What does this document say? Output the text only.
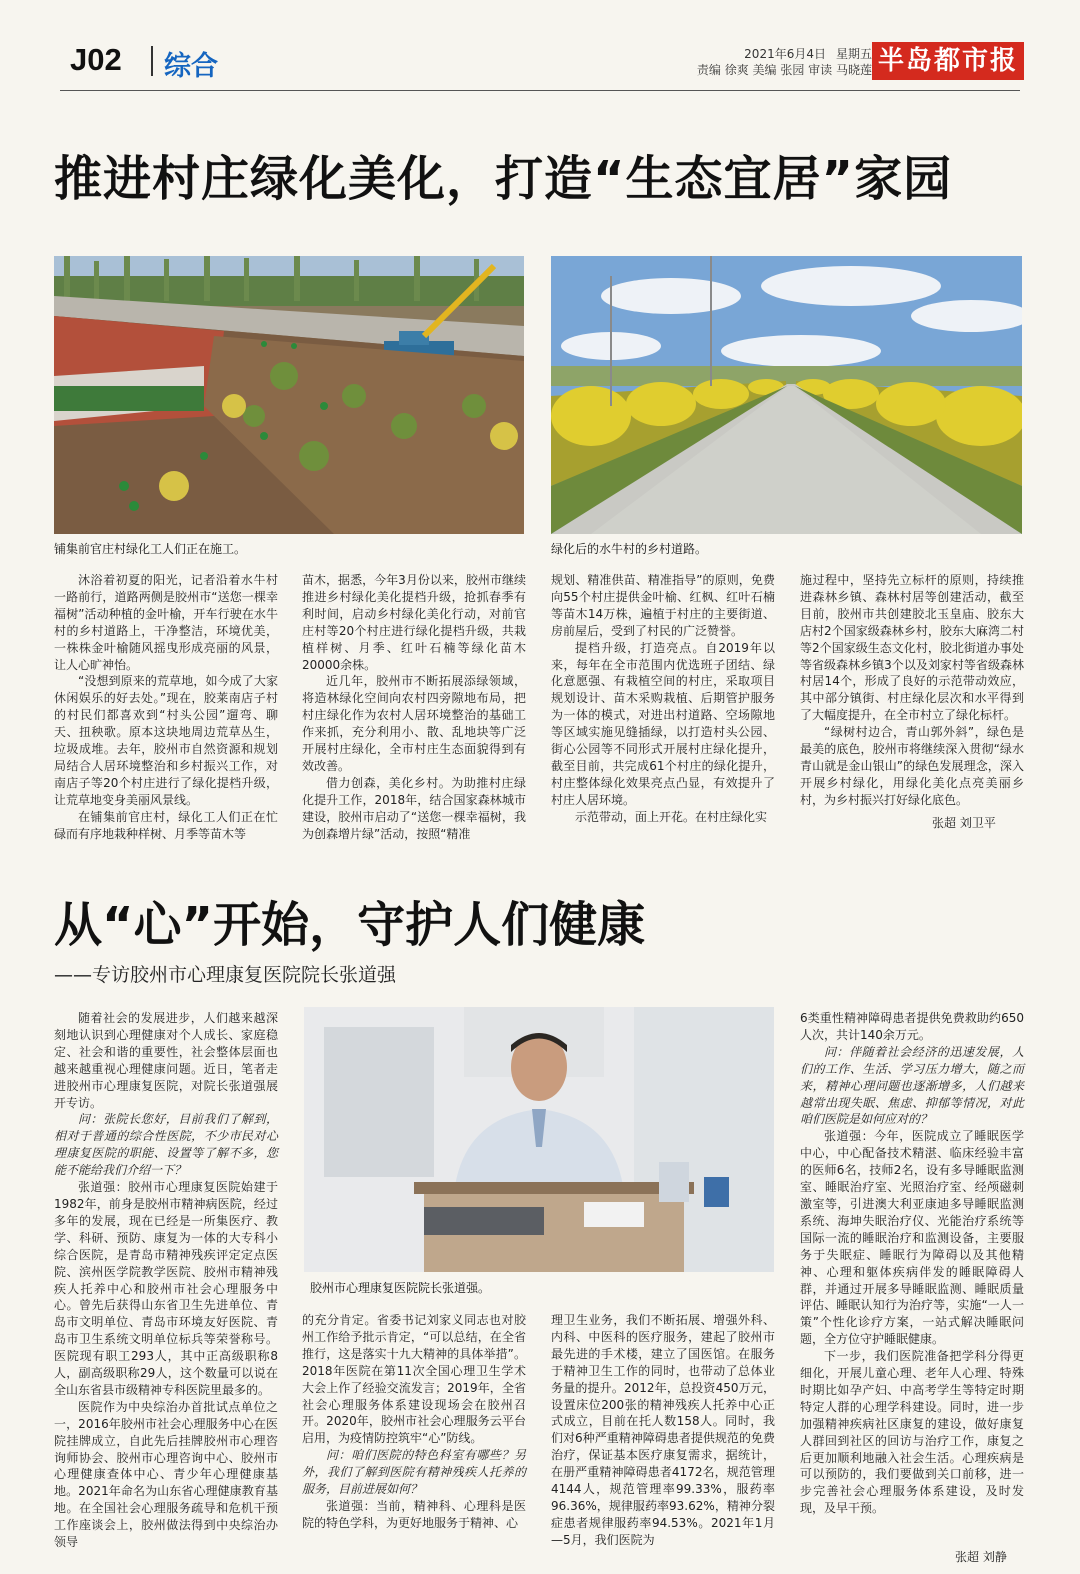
J02 综合	2021年6月4日 星期五
责编 徐爽 美编 张园 审读 马晓莲 半岛都市报
推进村庄绿化美化，打造“生态宜居”家园
铺集前官庄村绿化工人们正在施工。	绿化后的水牛村的乡村道路。

沐浴着初夏的阳光，记者沿着水牛村一路前行，道路两侧是胶州市“送您一棵幸福树”活动种植的金叶榆，开车行驶在水牛村的乡村道路上，干净整洁，环境优美，一株株金叶榆随风摇曳形成亮丽的风景，让人心旷神怡。

“没想到原来的荒草地，如今成了大家休闲娱乐的好去处。”现在，胶莱南店子村的村民们都喜欢到“村头公园”遛弯、聊天、扭秧歌。原本这块地周边荒草丛生，垃圾成堆。去年，胶州市自然资源和规划局结合人居环境整治和乡村振兴工作，对南店子等20个村庄进行了绿化提档升级，让荒草地变身美丽风景线。

在铺集前官庄村，绿化工人们正在忙碌而有序地栽种样树、月季等苗木等

苗木，据悉，今年3月份以来，胶州市继续推进乡村绿化美化提档升级，抢抓春季有利时间，启动乡村绿化美化行动，对前官庄村等20个村庄进行绿化提档升级，共栽植样树、月季、红叶石楠等绿化苗木20000余株。

近几年，胶州市不断拓展添绿领域，将造林绿化空间向农村四旁隙地布局，把村庄绿化作为农村人居环境整治的基础工作来抓，充分利用小、散、乱地块等广泛开展村庄绿化，全市村庄生态面貌得到有效改善。

借力创森，美化乡村。为助推村庄绿化提升工作，2018年，结合国家森林城市建设，胶州市启动了“送您一棵幸福树，我为创森增片绿”活动，按照“精准

规划、精准供苗、精准指导”的原则，免费向55个村庄提供金叶榆、红枫、红叶石楠等苗木14万株，遍植于村庄的主要街道、房前屋后，受到了村民的广泛赞誉。

提档升级，打造亮点。自2019年以来，每年在全市范围内优选班子团结、绿化意愿强、有栽植空间的村庄，采取项目规划设计、苗木采购栽植、后期管护服务为一体的模式，对进出村道路、空场隙地等区域实施见缝插绿，以打造村头公园、街心公园等不同形式开展村庄绿化提升，截至目前，共完成61个村庄的绿化提升，村庄整体绿化效果亮点凸显，有效提升了村庄人居环境。

示范带动，面上开花。在村庄绿化实

施过程中，坚持先立标杆的原则，持续推进森林乡镇、森林村居等创建活动，截至目前，胶州市共创建胶北玉皇庙、胶东大店村2个国家级森林乡村，胶东大麻湾二村等2个国家级生态文化村，胶北街道办事处等省级森林乡镇3个以及刘家村等省级森林村居14个，形成了良好的示范带动效应，其中部分镇街、村庄绿化层次和水平得到了大幅度提升，在全市村立了绿化标杆。

“绿树村边合，青山郭外斜”，绿色是最美的底色，胶州市将继续深入贯彻“绿水青山就是金山银山”的绿色发展理念，深入开展乡村绿化，用绿化美化点亮美丽乡村，为乡村振兴打好绿化底色。

张超 刘卫平
从“心”开始，守护人们健康
——专访胶州市心理康复医院院长张道强
胶州市心理康复医院院长张道强。

随着社会的发展进步，人们越来越深刻地认识到心理健康对个人成长、家庭稳定、社会和谐的重要性，社会整体层面也越来越重视心理健康问题。近日，笔者走进胶州市心理康复医院，对院长张道强展开专访。

问：张院长您好，目前我们了解到，相对于普通的综合性医院，不少市民对心理康复医院的职能、设置等了解不多，您能不能给我们介绍一下？

张道强：胶州市心理康复医院始建于1982年，前身是胶州市精神病医院，经过多年的发展，现在已经是一所集医疗、教学、科研、预防、康复为一体的大专科小综合医院，是青岛市精神残疾评定定点医院、滨州医学院教学医院、胶州市精神残疾人托养中心和胶州市社会心理服务中心。曾先后获得山东省卫生先进单位、青岛市文明单位、青岛市环境友好医院、青岛市卫生系统文明单位标兵等荣誉称号。医院现有职工293人，其中正高级职称8人，副高级职称29人，这个数量可以说在全山东省县市级精神专科医院里最多的。

医院作为中央综治办首批试点单位之一，2016年胶州市社会心理服务中心在医院挂牌成立，自此先后挂牌胶州市心理咨询师协会、胶州市心理咨询中心、胶州市心理健康查体中心、青少年心理健康基地。2021年命名为山东省心理健康教育基地。在全国社会心理服务疏导和危机干预工作座谈会上，胶州做法得到中央综治办领导

的充分肯定。省委书记刘家义同志也对胶州工作给予批示肯定，“可以总结，在全省推行，这是落实十九大精神的具体举措”。2018年医院在第11次全国心理卫生学术大会上作了经验交流发言；2019年，全省社会心理服务体系建设现场会在胶州召开。2020年，胶州市社会心理服务云平台启用，为疫情防控筑牢“心”防线。

问：咱们医院的特色科室有哪些？另外，我们了解到医院有精神残疾人托养的服务，目前进展如何？

张道强：当前，精神科、心理科是医院的特色学科，为更好地服务于精神、心

理卫生业务，我们不断拓展、增强外科、内科、中医科的医疗服务，建起了胶州市最先进的手术楼，建立了国医馆。在服务于精神卫生工作的同时，也带动了总体业务量的提升。2012年，总投资450万元，设置床位200张的精神残疾人托养中心正式成立，目前在托人数158人。同时，我们对6种严重精神障碍患者提供规范的免费治疗，保证基本医疗康复需求，据统计，在册严重精神障碍患者4172名，规范管理4144人，规范管理率99.33%，服药率96.36%，规律服药率93.62%，精神分裂症患者规律服药率94.53%。2021年1月—5月，我们医院为

6类重性精神障碍患者提供免费救助约650人次，共计140余万元。

问：伴随着社会经济的迅速发展，人们的工作、生活、学习压力增大，随之而来，精神心理问题也逐渐增多，人们越来越常出现失眠、焦虑、抑郁等情况，对此咱们医院是如何应对的？

张道强：今年，医院成立了睡眠医学中心，中心配备技术精湛、临床经验丰富的医师6名，技师2名，设有多导睡眠监测室、睡眠治疗室、光照治疗室、经颅磁刺激室等，引进澳大利亚康迪多导睡眠监测系统、海坤失眠治疗仪、光能治疗系统等国际一流的睡眠治疗和监测设备，主要服务于失眠症、睡眠行为障碍以及其他精神、心理和躯体疾病伴发的睡眠障碍人群，并通过开展多导睡眠监测、睡眠质量评估、睡眠认知行为治疗等，实施“一人一策”个性化诊疗方案，一站式解决睡眠问题，全方位守护睡眠健康。

下一步，我们医院准备把学科分得更细化，开展儿童心理、老年人心理、特殊时期比如孕产妇、中高考学生等特定时期特定人群的心理学科建设。同时，进一步加强精神疾病社区康复的建设，做好康复人群回到社区的回访与治疗工作，康复之后更加顺利地融入社会生活。心理疾病是可以预防的，我们要做到关口前移，进一步完善社会心理服务体系建设，及时发现，及早干预。

张超 刘静
